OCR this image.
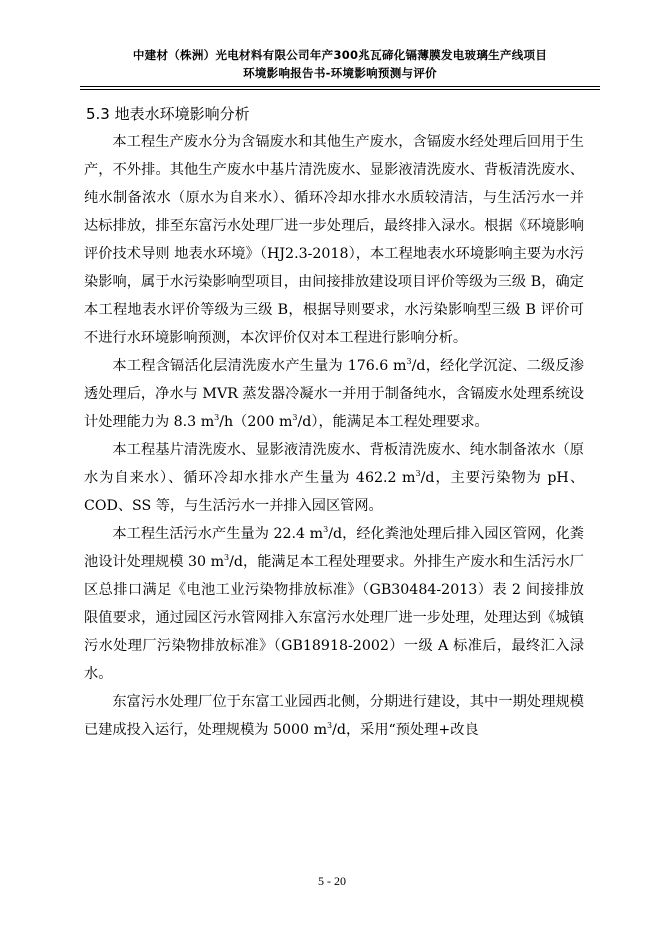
中建材（株洲）光电材料有限公司年产300兆瓦碲化镉薄膜发电玻璃生产线项目
环境影响报告书-环境影响预测与评价
5.3 地表水环境影响分析

本工程生产废水分为含镉废水和其他生产废水，含镉废水经处理后回用于生产，不外排。其他生产废水中基片清洗废水、显影液清洗废水、背板清洗废水、纯水制备浓水（原水为自来水）、循环冷却水排水水质较清洁，与生活污水一并达标排放，排至东富污水处理厂进一步处理后，最终排入渌水。根据《环境影响评价技术导则 地表水环境》（HJ2.3-2018），本工程地表水环境影响主要为水污染影响，属于水污染影响型项目，由间接排放建设项目评价等级为三级 B，确定本工程地表水评价等级为三级 B，根据导则要求，水污染影响型三级 B 评价可不进行水环境影响预测，本次评价仅对本工程进行影响分析。

本工程含镉活化层清洗废水产生量为 176.6 $m^3/d$，经化学沉淀、二级反渗透处理后，净水与 MVR 蒸发器冷凝水一并用于制备纯水，含镉废水处理系统设计处理能力为 8.3 $m^3/h(200$ $m^3/d$），能满足本工程处理要求。

本工程基片清洗废水、显影液清洗废水、背板清洗废水、纯水制备浓水（原水为自来水）、循环冷却水排水产生量为 462.2 $m^3/d$，主要污染物为 pH、COD、SS 等，与生活污水一并排入园区管网。

本工程生活污水产生量为 22.4 $m^3/d$，经化粪池处理后排入园区管网，化粪池设计处理规模 30 $m^3/d$，能满足本工程处理要求。外排生产废水和生活污水厂区总排口满足《电池工业污染物排放标准》（GB30484-2013）表 2 间接排放限值要求，通过园区污水管网排入东富污水处理厂进一步处理，处理达到《城镇污水处理厂污染物排放标准》（GB18918-2002）一级 A 标准后，最终汇入渌水。

东富污水处理厂位于东富工业园西北侧，分期进行建设，其中一期处理规模已建成投入运行，处理规模为 5000 $m^3/d$，采用“预处理+改良

5 - 20
